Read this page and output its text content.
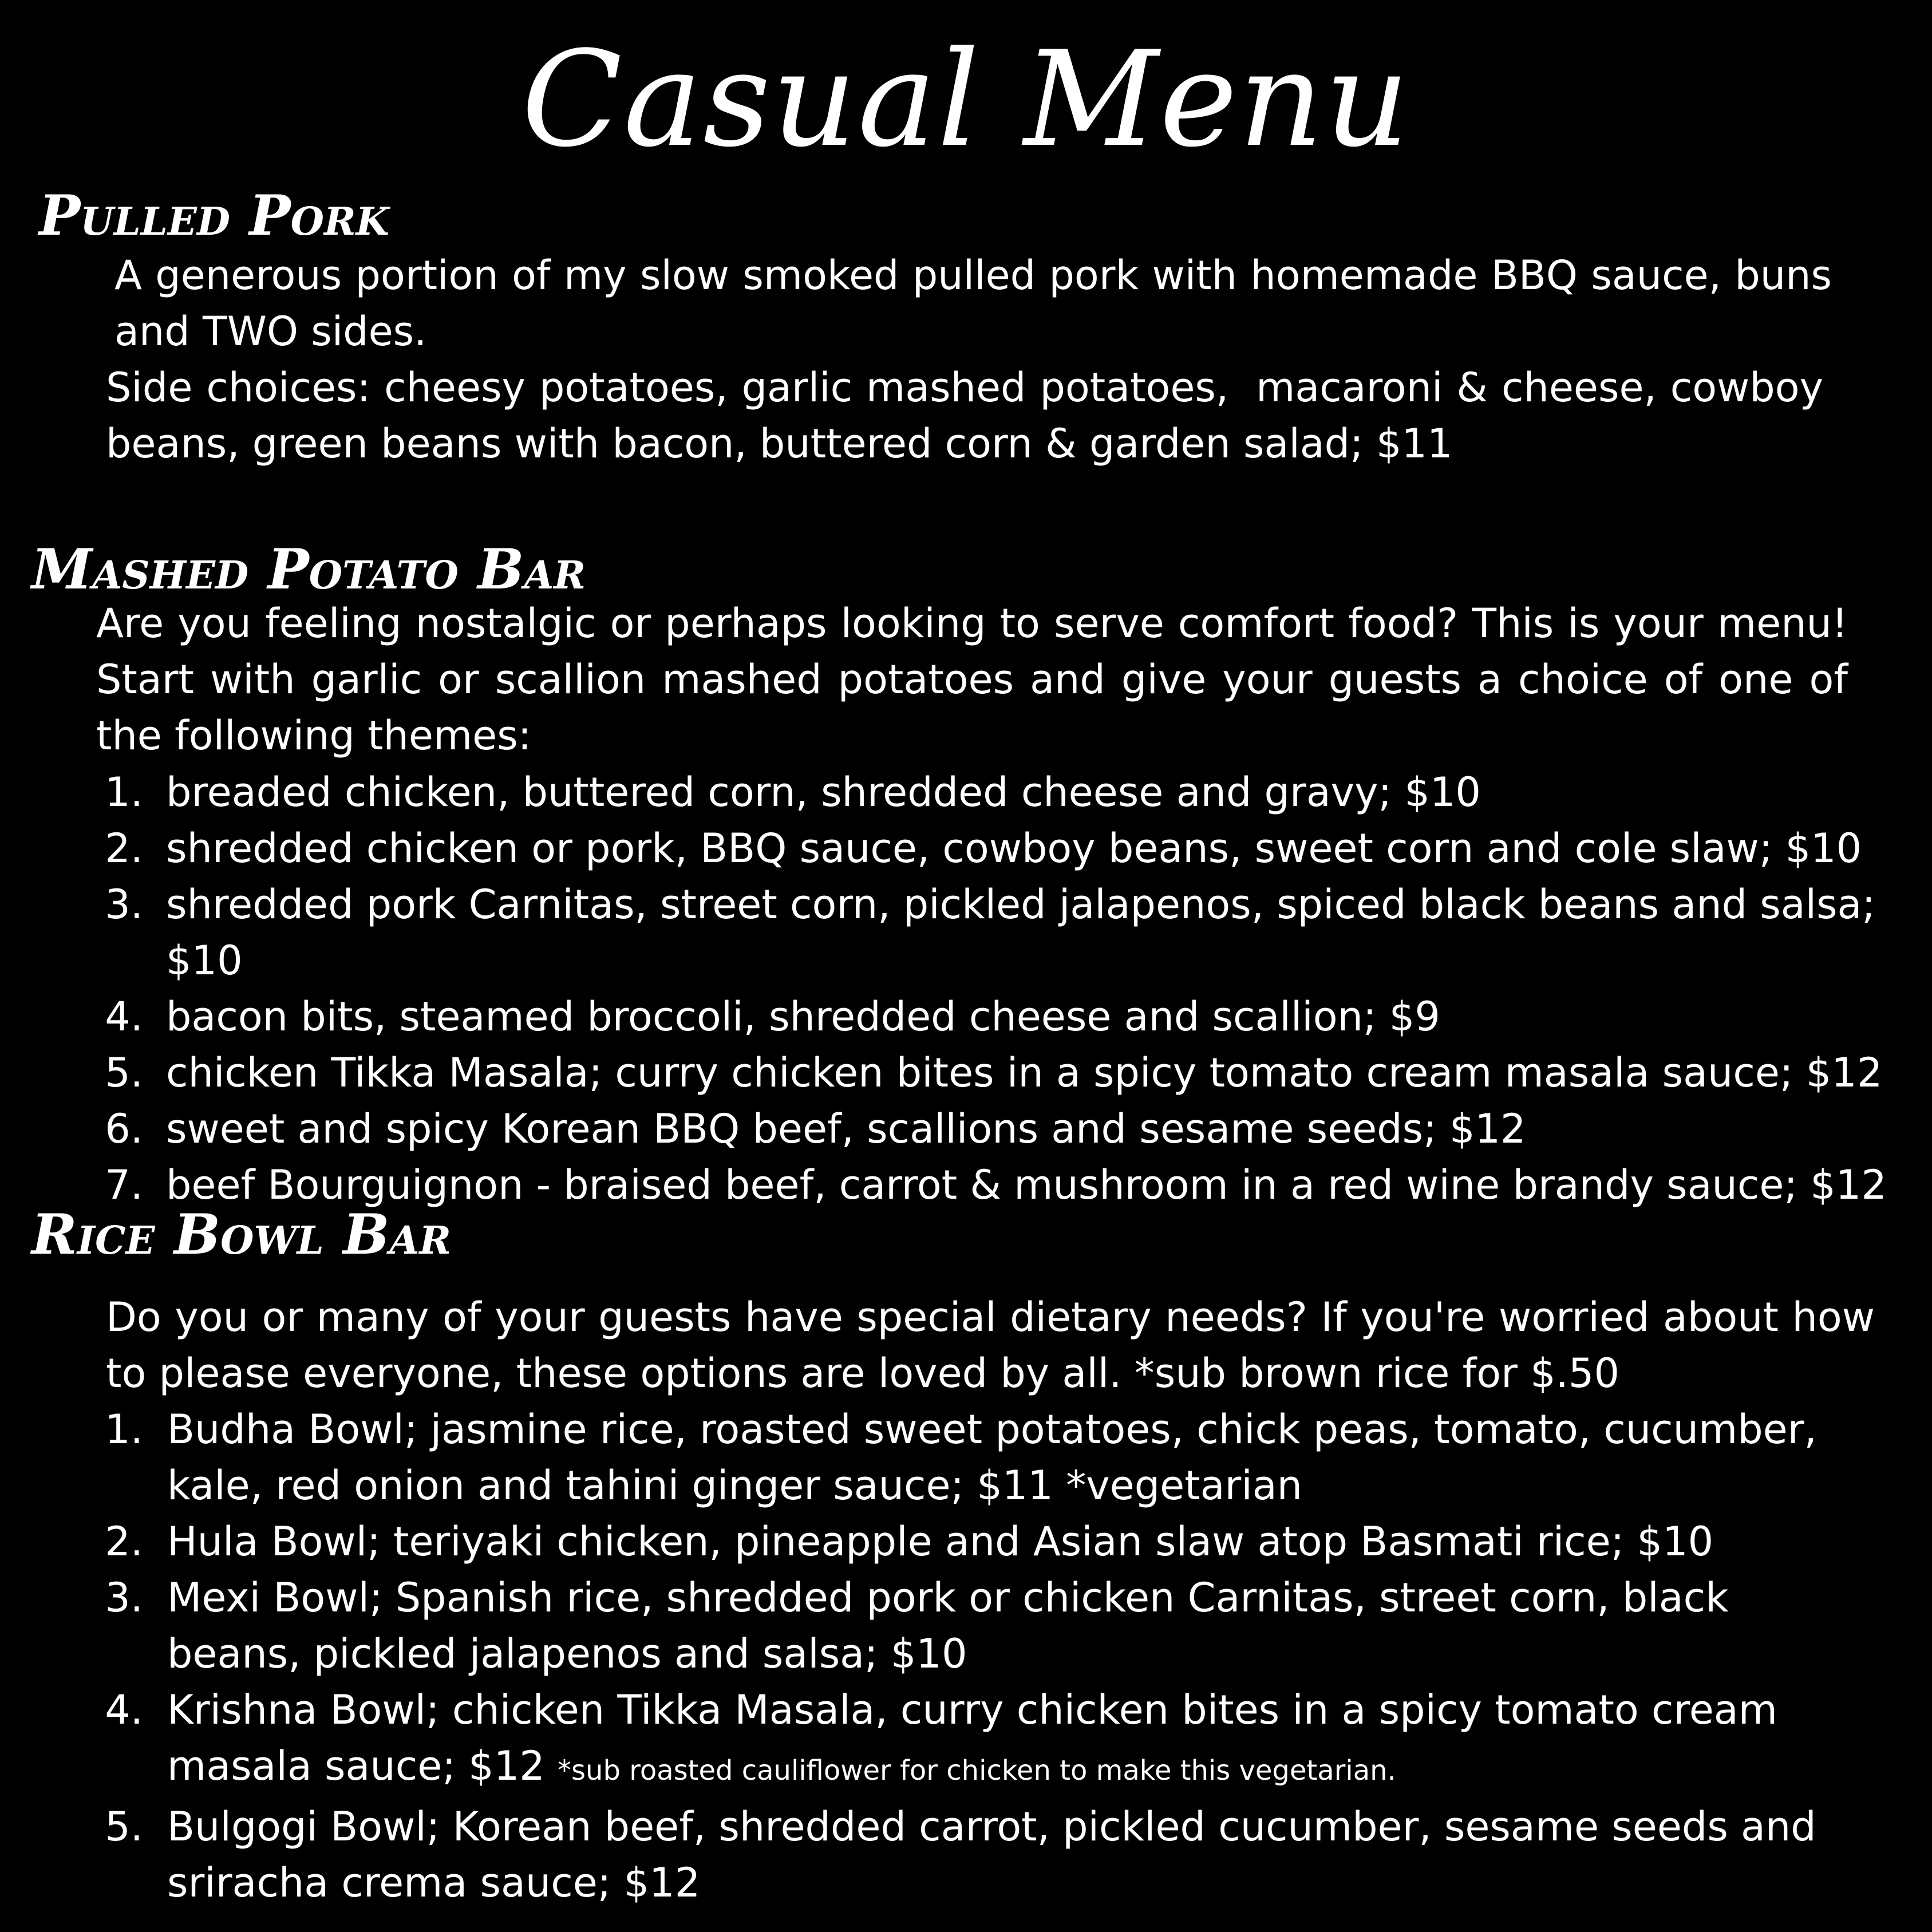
Casual Menu
Pulled Pork

A generous portion of my slow smoked pulled pork with homemade BBQ sauce, buns and TWO sides.

Side choices: cheesy potatoes, garlic mashed potatoes,  macaroni & cheese, cowboy beans, green beans with bacon, buttered corn & garden salad; $11

Mashed Potato Bar

Are you feeling nostalgic or perhaps looking to serve comfort food? This is your menu! Start with garlic or scallion mashed potatoes and give your guests a choice of one of the following themes:

1. breaded chicken, buttered corn, shredded cheese and gravy; $10
2. shredded chicken or pork, BBQ sauce, cowboy beans, sweet corn and cole slaw; $10
3. shredded pork Carnitas, street corn, pickled jalapenos, spiced black beans and salsa; $10
4. bacon bits, steamed broccoli, shredded cheese and scallion; $9
5. chicken Tikka Masala; curry chicken bites in a spicy tomato cream masala sauce; $12
6. sweet and spicy Korean BBQ beef, scallions and sesame seeds; $12
7. beef Bourguignon - braised beef, carrot & mushroom in a red wine brandy sauce; $12
Rice Bowl Bar

Do you or many of your guests have special dietary needs? If you're worried about how to please everyone, these options are loved by all. *sub brown rice for $.50

1. Budha Bowl; jasmine rice, roasted sweet potatoes, chick peas, tomato, cucumber, kale, red onion and tahini ginger sauce; $11 *vegetarian
2. Hula Bowl; teriyaki chicken, pineapple and Asian slaw atop Basmati rice; $10
3. Mexi Bowl; Spanish rice, shredded pork or chicken Carnitas, street corn, black beans, pickled jalapenos and salsa; $10
4. Krishna Bowl; chicken Tikka Masala, curry chicken bites in a spicy tomato cream masala sauce; $12 *sub roasted cauliflower for chicken to make this vegetarian.
5. Bulgogi Bowl; Korean beef, shredded carrot, pickled cucumber, sesame seeds and sriracha crema sauce; $12
